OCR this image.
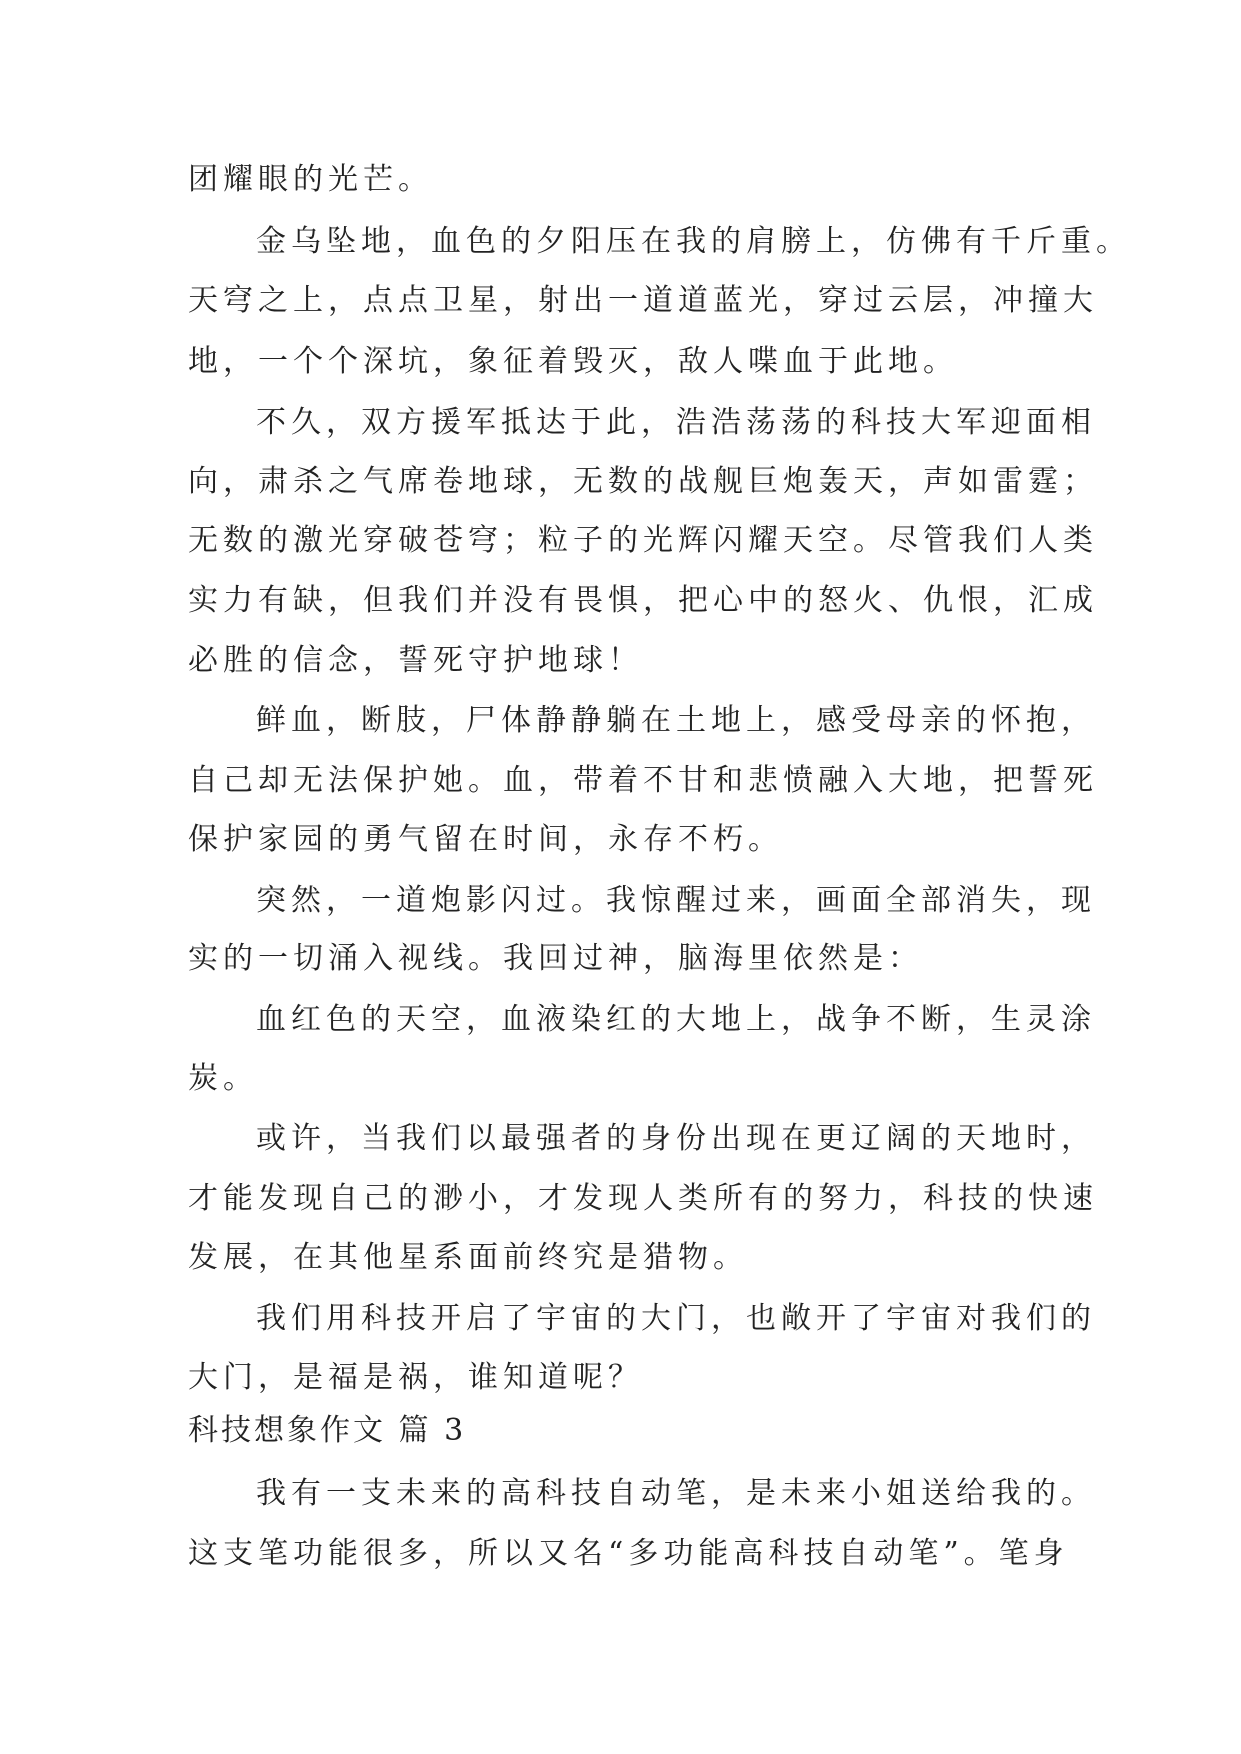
团耀眼的光芒。
金乌坠地，血色的夕阳压在我的肩膀上，仿佛有千斤重。
天穹之上，点点卫星，射出一道道蓝光，穿过云层，冲撞大
地，一个个深坑，象征着毁灭，敌人喋血于此地。
不久，双方援军抵达于此，浩浩荡荡的科技大军迎面相
向，肃杀之气席卷地球，无数的战舰巨炮轰天，声如雷霆；
无数的激光穿破苍穹；粒子的光辉闪耀天空。尽管我们人类
实力有缺，但我们并没有畏惧，把心中的怒火、仇恨，汇成
必胜的信念，誓死守护地球！
鲜血，断肢，尸体静静躺在土地上，感受母亲的怀抱，
自己却无法保护她。血，带着不甘和悲愤融入大地，把誓死
保护家园的勇气留在时间，永存不朽。
突然，一道炮影闪过。我惊醒过来，画面全部消失，现
实的一切涌入视线。我回过神，脑海里依然是：
血红色的天空，血液染红的大地上，战争不断，生灵涂
炭。
或许，当我们以最强者的身份出现在更辽阔的天地时，
才能发现自己的渺小，才发现人类所有的努力，科技的快速
发展，在其他星系面前终究是猎物。
我们用科技开启了宇宙的大门，也敞开了宇宙对我们的
大门，是福是祸，谁知道呢？
科技想象作文 篇 3
我有一支未来的高科技自动笔，是未来小姐送给我的。
这支笔功能很多，所以又名“多功能高科技自动笔”。笔身
